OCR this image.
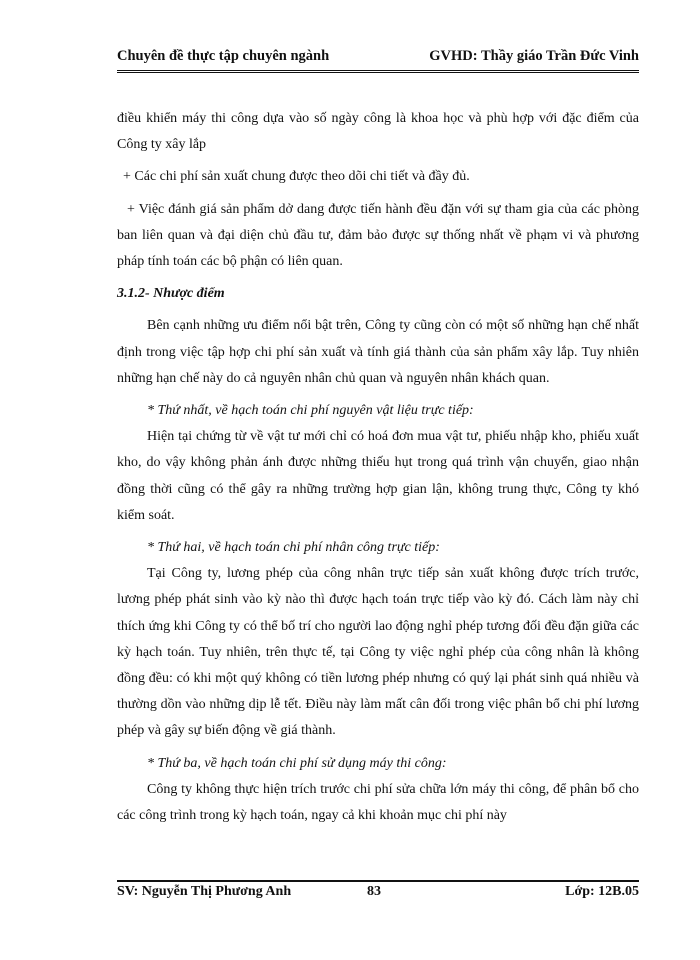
Chuyên đề thực tập chuyên ngành	GVHD: Thầy giáo Trần Đức Vinh

điều khiển máy thi công dựa vào số ngày công là khoa học và phù hợp với đặc điểm của Công ty xây lắp

+ Các chi phí sản xuất chung được theo dõi chi tiết và đầy đủ.

+ Việc đánh giá sản phẩm dở dang được tiến hành đều đặn với sự tham gia của các phòng ban liên quan và đại diện chủ đầu tư, đảm bảo được sự thống nhất về phạm vi và phương pháp tính toán các bộ phận có liên quan.

3.1.2- Nhược điểm

Bên cạnh những ưu điểm nổi bật trên, Công ty cũng còn có một số những hạn chế nhất định trong việc tập hợp chi phí sản xuất và tính giá thành của sản phẩm xây lắp. Tuy nhiên những hạn chế này do cả nguyên nhân chủ quan và nguyên nhân khách quan.

* Thứ nhất, về hạch toán chi phí nguyên vật liệu trực tiếp:

Hiện tại chứng từ về vật tư mới chỉ có hoá đơn mua vật tư, phiếu nhập kho, phiếu xuất kho, do vậy không phản ánh được những thiếu hụt trong quá trình vận chuyển, giao nhận đồng thời cũng có thể gây ra những trường hợp gian lận, không trung thực, Công ty khó kiểm soát.

* Thứ hai, về hạch toán chi phí nhân công trực tiếp:

Tại Công ty, lương phép của công nhân trực tiếp sản xuất không được trích trước, lương phép phát sinh vào kỳ nào thì được hạch toán trực tiếp vào kỳ đó. Cách làm này chỉ thích ứng khi Công ty có thể bố trí cho người lao động nghỉ phép tương đối đều đặn giữa các kỳ hạch toán. Tuy nhiên, trên thực tế, tại Công ty việc nghỉ phép của công nhân là không đồng đều: có khi một quý không có tiền lương phép nhưng có quý lại phát sinh quá nhiều và thường dồn vào những dịp lễ tết. Điều này làm mất cân đối trong việc phân bổ chi phí lương phép và gây sự biến động về giá thành.

* Thứ ba, về hạch toán chi phí sử dụng máy thi công:

Công ty không thực hiện trích trước chi phí sửa chữa lớn máy thi công, để phân bổ cho các công trình trong kỳ hạch toán, ngay cả khi khoản mục chi phí này

SV: Nguyễn Thị Phương Anh	83	Lớp: 12B.05
